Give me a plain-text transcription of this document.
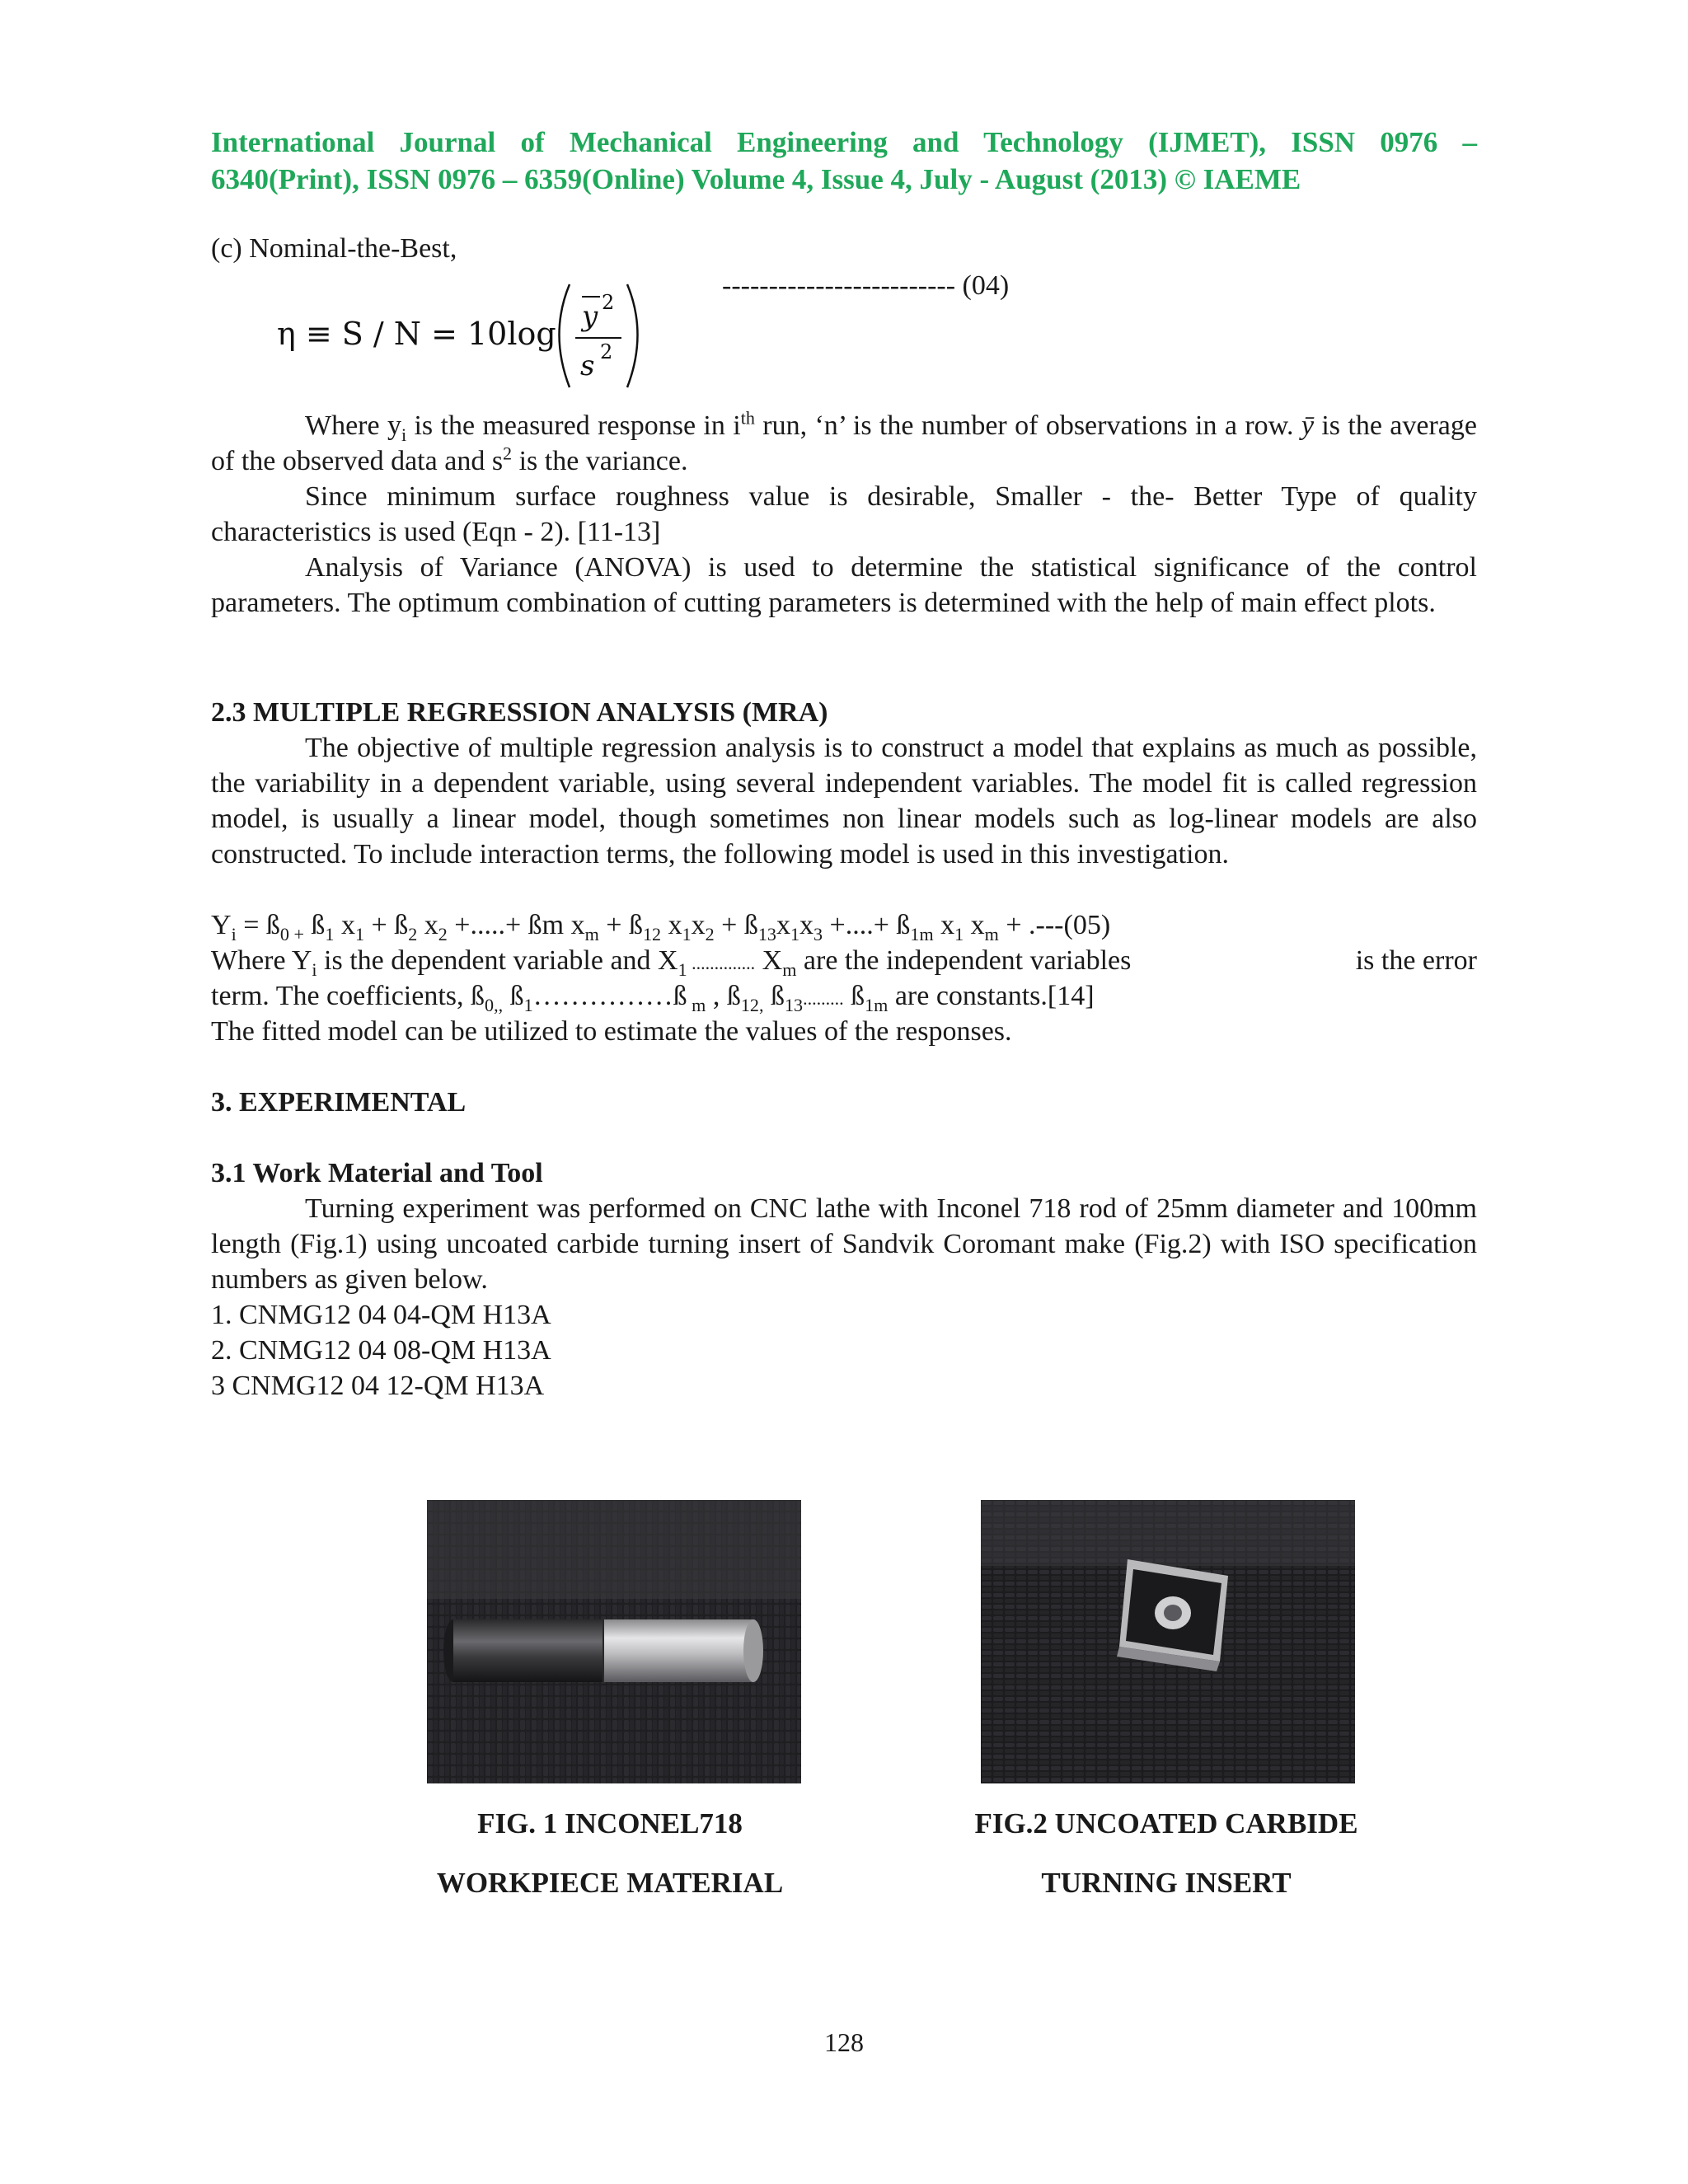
International Journal of Mechanical Engineering and Technology (IJMET), ISSN 0976 –
6340(Print), ISSN 0976 – 6359(Online) Volume 4, Issue 4, July - August (2013) © IAEME
(c) Nominal-the-Best,
------------------------- (04)
η ≡ S / N = 10log y 2
s 2
Where $y_i$ is the measured response in $i^{th}$ run, ‘n’ is the number of observations in a row. ȳ is the average of the observed data and $s^2$ is the variance.
Since minimum surface roughness value is desirable, Smaller - the- Better Type of quality characteristics is used (Eqn - 2). [11-13]
Analysis of Variance (ANOVA) is used to determine the statistical significance of the control parameters. The optimum combination of cutting parameters is determined with the help of main effect plots.
2.3 MULTIPLE REGRESSION ANALYSIS (MRA)
The objective of multiple regression analysis is to construct a model that explains as much as possible, the variability in a dependent variable, using several independent variables. The model fit is called regression model, is usually a linear model, though sometimes non linear models such as log-linear models are also constructed. To include interaction terms, the following model is used in this investigation.
$Y_i$ = $ß_{0 +}$ $ß_1$ $x_1$ + $ß_2$ $x_2$ +.....+ ßm $x_m$ + $ß_{12}$ $x_1x_2$ + $ß_{13}x_1x_3$ +....+ $ß_{1m}$ $x_1$ $x_m + .---(05)$
Where $Y_i$ is the dependent variable and $X_1$ .............. $X_m$ are the independent variables	is the error
term. The coefficients, $ß_{0,,}$ $ß_1\dots\dots\dots\dots\dots ß$ $_m$ , $ß_{12,}$ $ß_{13}$......... $ß_{1m}$ are constants.[14]
The fitted model can be utilized to estimate the values of the responses.
3. EXPERIMENTAL
3.1 Work Material and Tool
Turning experiment was performed on CNC lathe with Inconel 718 rod of 25mm diameter and 100mm length (Fig.1) using uncoated carbide turning insert of Sandvik Coromant make (Fig.2) with ISO specification numbers as given below.
1. CNMG12 04 04-QM H13A
2. CNMG12 04 08-QM H13A
3 CNMG12 04 12-QM H13A
FIG. 1 INCONEL718
WORKPIECE MATERIAL
FIG.2 UNCOATED CARBIDE
TURNING INSERT
128
